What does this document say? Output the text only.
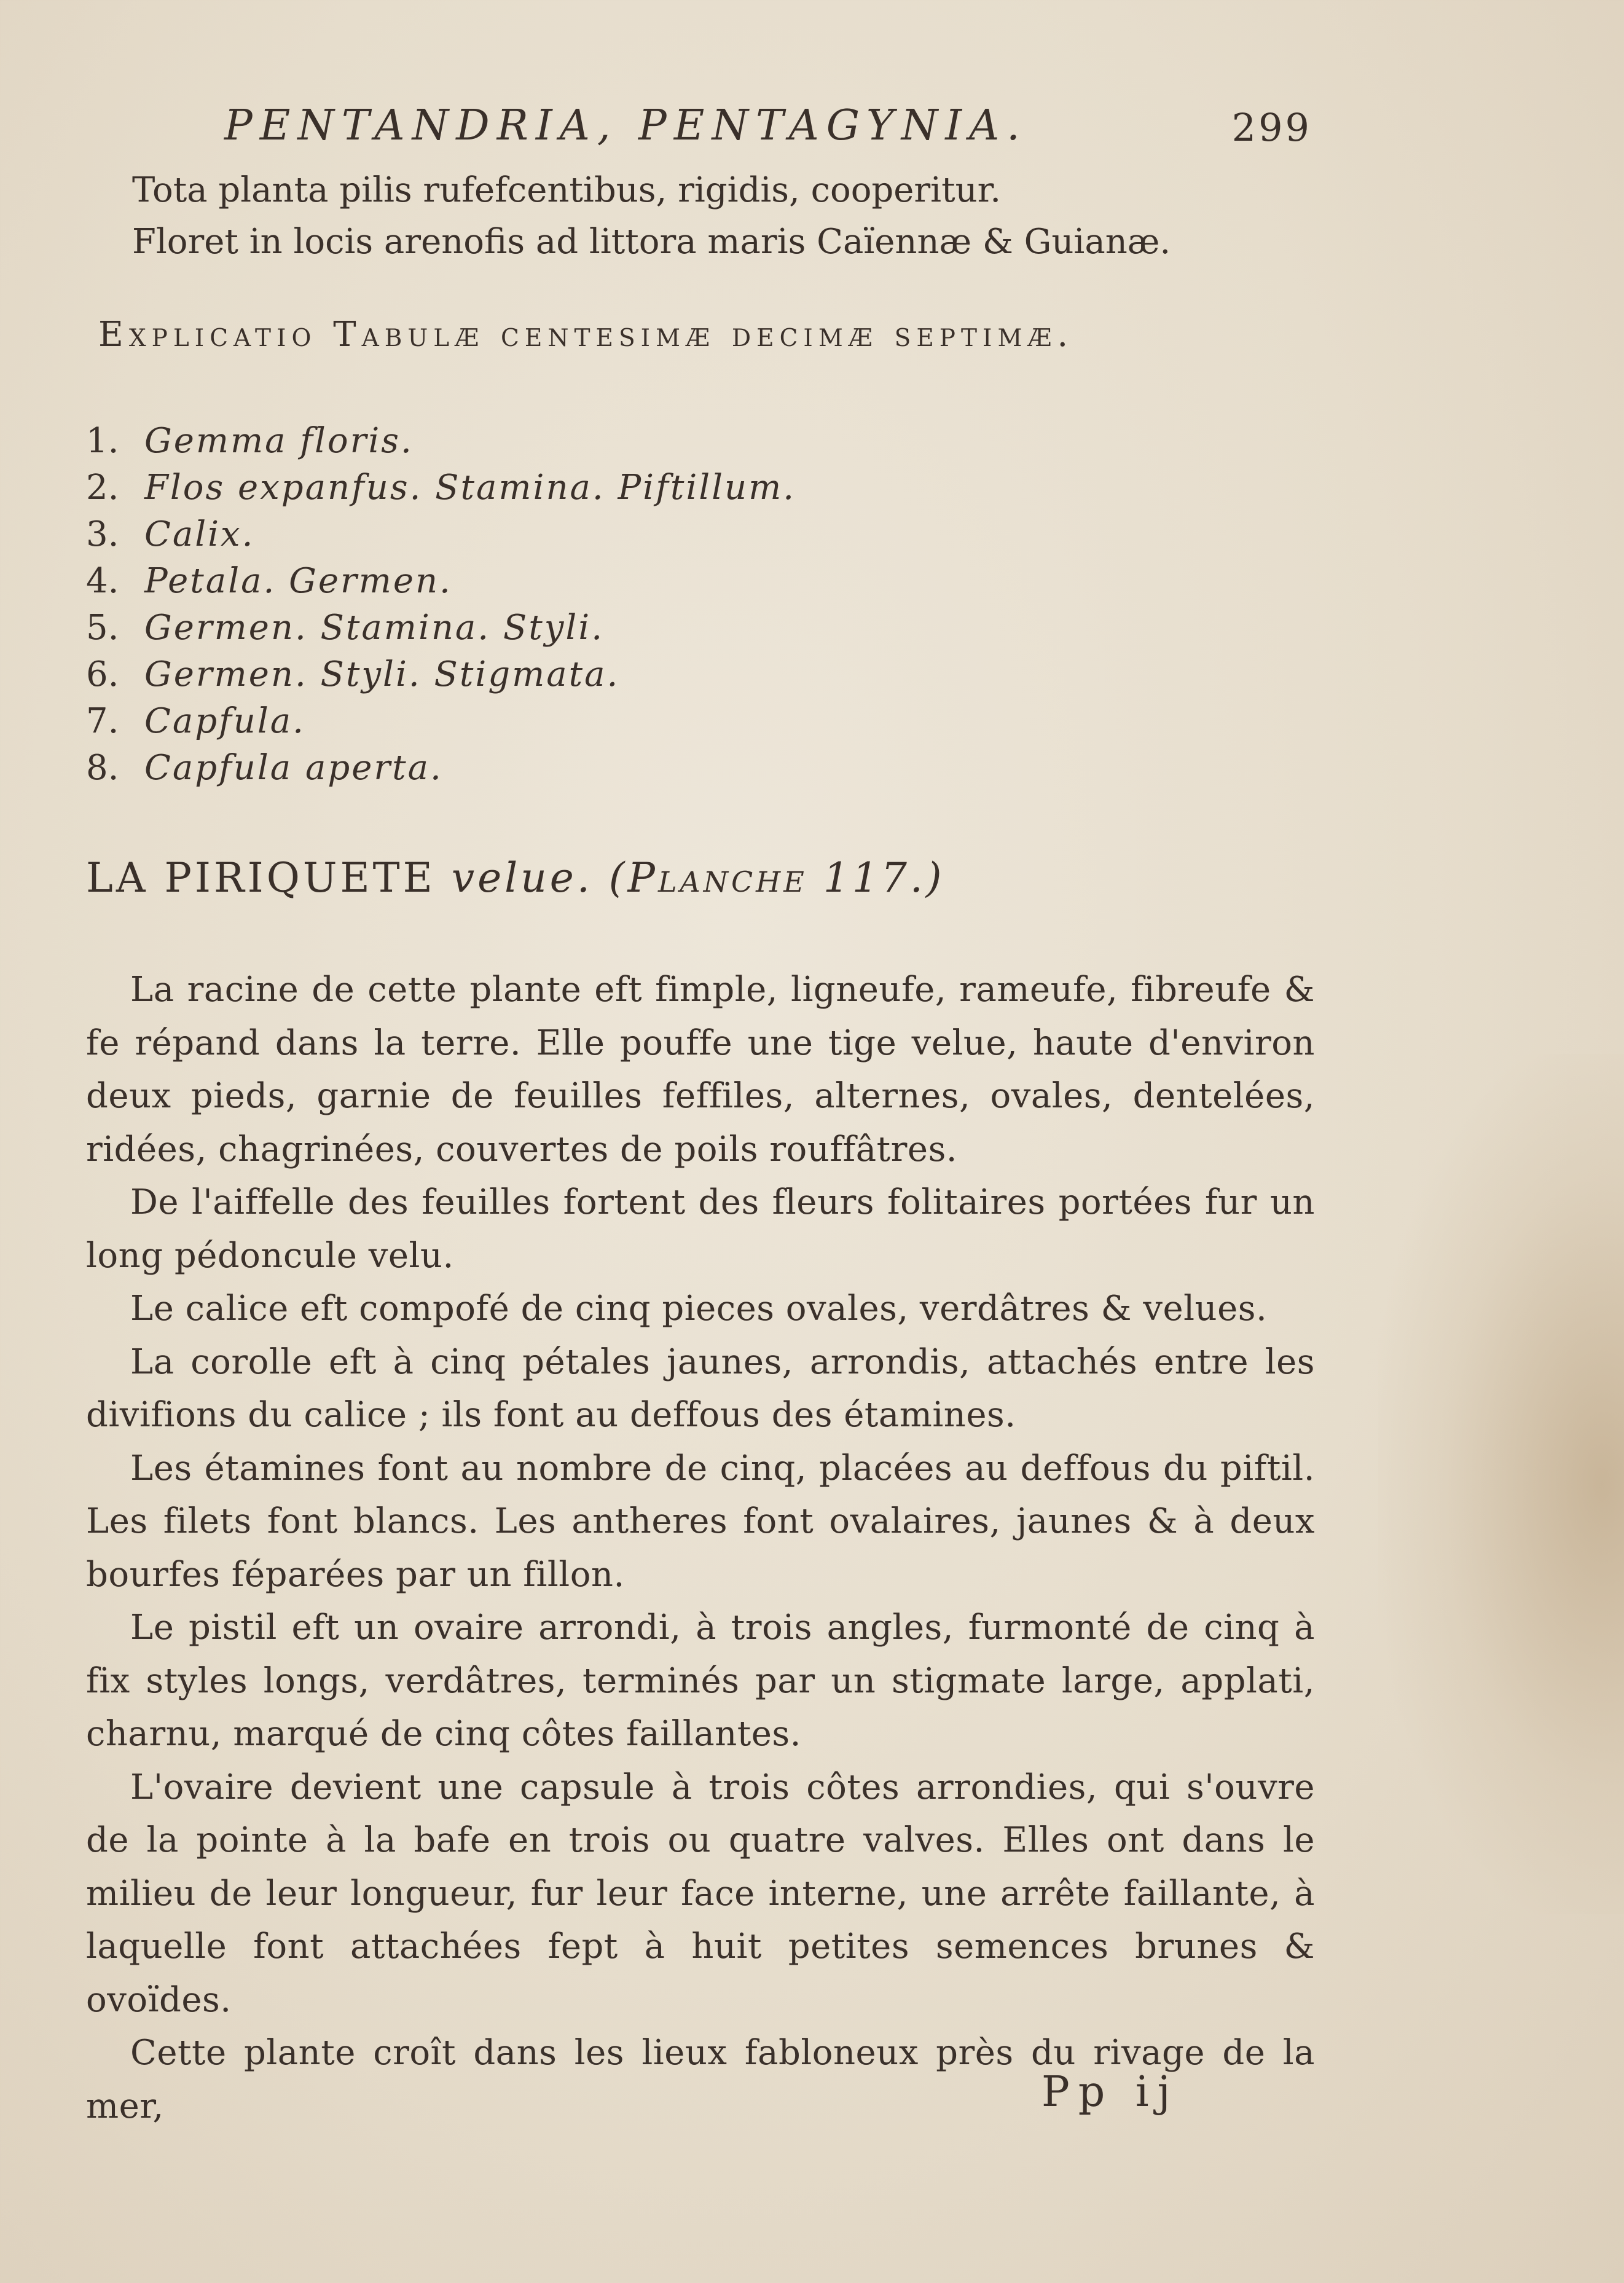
PENTANDRIA, PENTAGYNIA.	299

Tota planta pilis rufefcentibus, rigidis, cooperitur.

Floret in locis arenofis ad littora maris Caïennæ & Guianæ.

Explicatio Tabulæ centesimæ decimæ septimæ.
1. Gemma floris.
2. Flos expanfus. Stamina. Piftillum.
3. Calix.
4. Petala. Germen.
5. Germen. Stamina. Styli.
6. Germen. Styli. Stigmata.
7. Capfula.
8. Capfula aperta.
LA PIRIQUETE velue. (Planche 117.)

La racine de cette plante eft fimple, ligneufe, rameufe, fibreufe & fe répand dans la terre. Elle pouffe une tige velue, haute d'environ deux pieds, garnie de feuilles feffiles, alternes, ovales, dentelées, ridées, chagrinées, couvertes de poils rouffâtres.

De l'aiffelle des feuilles fortent des fleurs folitaires portées fur un long pédoncule velu.

Le calice eft compofé de cinq pieces ovales, verdâtres & velues.

La corolle eft à cinq pétales jaunes, arrondis, attachés entre les divifions du calice ; ils font au deffous des étamines.

Les étamines font au nombre de cinq, placées au deffous du piftil. Les filets font blancs. Les antheres font ovalaires, jaunes & à deux bourfes féparées par un fillon.

Le pistil eft un ovaire arrondi, à trois angles, furmonté de cinq à fix styles longs, verdâtres, terminés par un stigmate large, applati, charnu, marqué de cinq côtes faillantes.

L'ovaire devient une capsule à trois côtes arrondies, qui s'ouvre de la pointe à la bafe en trois ou quatre valves. Elles ont dans le milieu de leur longueur, fur leur face interne, une arrête faillante, à laquelle font attachées fept à huit petites semences brunes & ovoïdes.

Cette plante croît dans les lieux fabloneux près du rivage de la mer,	Pp ij
